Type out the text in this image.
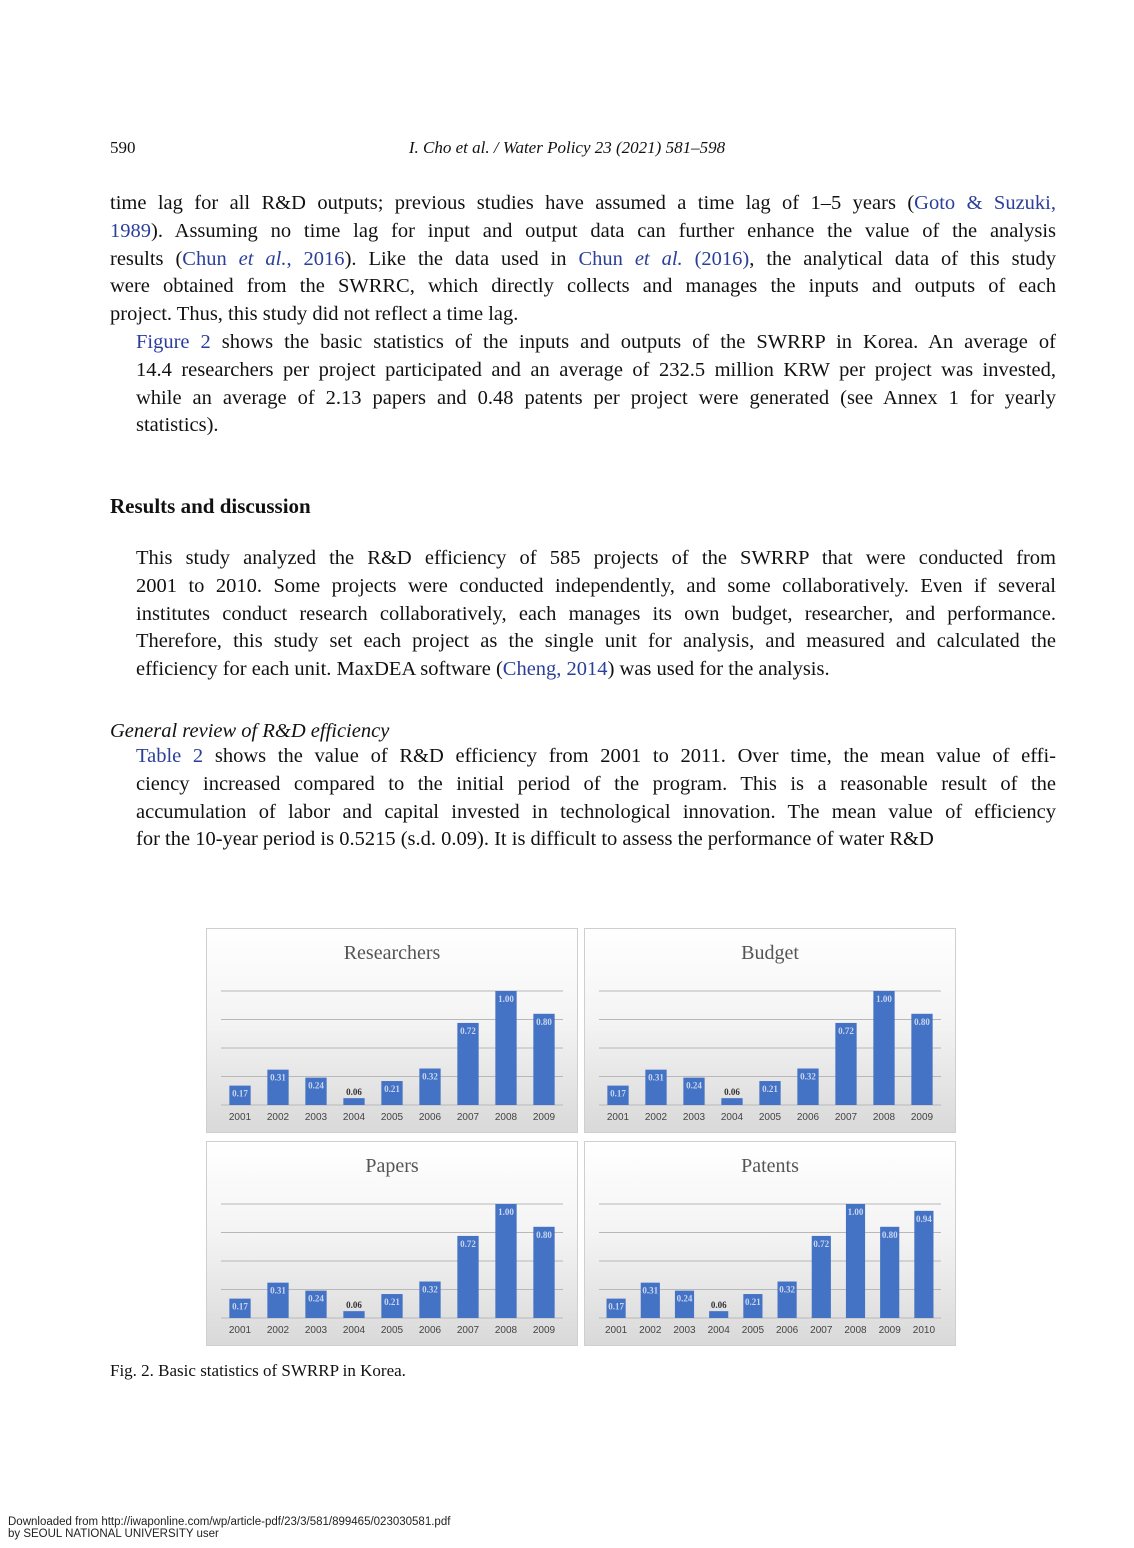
590	I. Cho et al. / Water Policy 23 (2021) 581–598
time lag for all R&D outputs; previous studies have assumed a time lag of 1–5 years (Goto & Suzuki,
1989). Assuming no time lag for input and output data can further enhance the value of the analysis
results (Chun et al., 2016). Like the data used in Chun et al. (2016), the analytical data of this study
were obtained from the SWRRC, which directly collects and manages the inputs and outputs of each
project. Thus, this study did not reflect a time lag.
Figure 2 shows the basic statistics of the inputs and outputs of the SWRRP in Korea. An average of
14.4 researchers per project participated and an average of 232.5 million KRW per project was invested,
while an average of 2.13 papers and 0.48 patents per project were generated (see Annex 1 for yearly
statistics).
Results and discussion
This study analyzed the R&D efficiency of 585 projects of the SWRRP that were conducted from
2001 to 2010. Some projects were conducted independently, and some collaboratively. Even if several
institutes conduct research collaboratively, each manages its own budget, researcher, and performance.
Therefore, this study set each project as the single unit for analysis, and measured and calculated the
efficiency for each unit. MaxDEA software (Cheng, 2014) was used for the analysis.
General review of R&D efficiency
Table 2 shows the value of R&D efficiency from 2001 to 2011. Over time, the mean value of effi-
ciency increased compared to the initial period of the program. This is a reasonable result of the
accumulation of labor and capital invested in technological innovation. The mean value of efficiency
for the 10-year period is 0.5215 (s.d. 0.09). It is difficult to assess the performance of water R&D
Researchers
0.17
2001
0.31
2002
0.24
2003
0.06
2004
0.21
2005
0.32
2006
0.72
2007
1.00
2008
0.80
2009
Budget
0.17
2001
0.31
2002
0.24
2003
0.06
2004
0.21
2005
0.32
2006
0.72
2007
1.00
2008
0.80
2009
Papers
0.17
2001
0.31
2002
0.24
2003
0.06
2004
0.21
2005
0.32
2006
0.72
2007
1.00
2008
0.80
2009
Patents
0.17
2001
0.31
2002
0.24
2003
0.06
2004
0.21
2005
0.32
2006
0.72
2007
1.00
2008
0.80
2009
0.94
2010
Fig. 2. Basic statistics of SWRRP in Korea.
Downloaded from http://iwaponline.com/wp/article-pdf/23/3/581/899465/023030581.pdf
by SEOUL NATIONAL UNIVERSITY user
